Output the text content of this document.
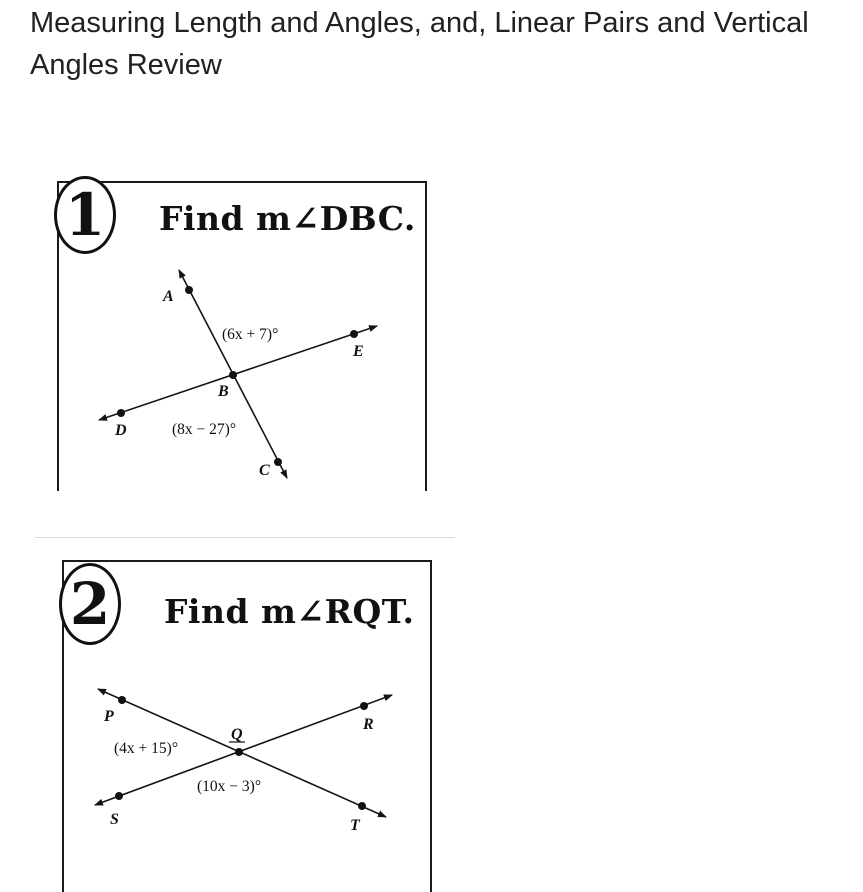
Measuring Length and Angles, and, Linear Pairs and Vertical Angles Review
1 Find m∠DBC.
A
B
C
D
E
(6x + 7)°
(8x − 27)°
2 Find m∠RQT.
P
Q
R
S	T
(4x + 15)°
(10x − 3)°
